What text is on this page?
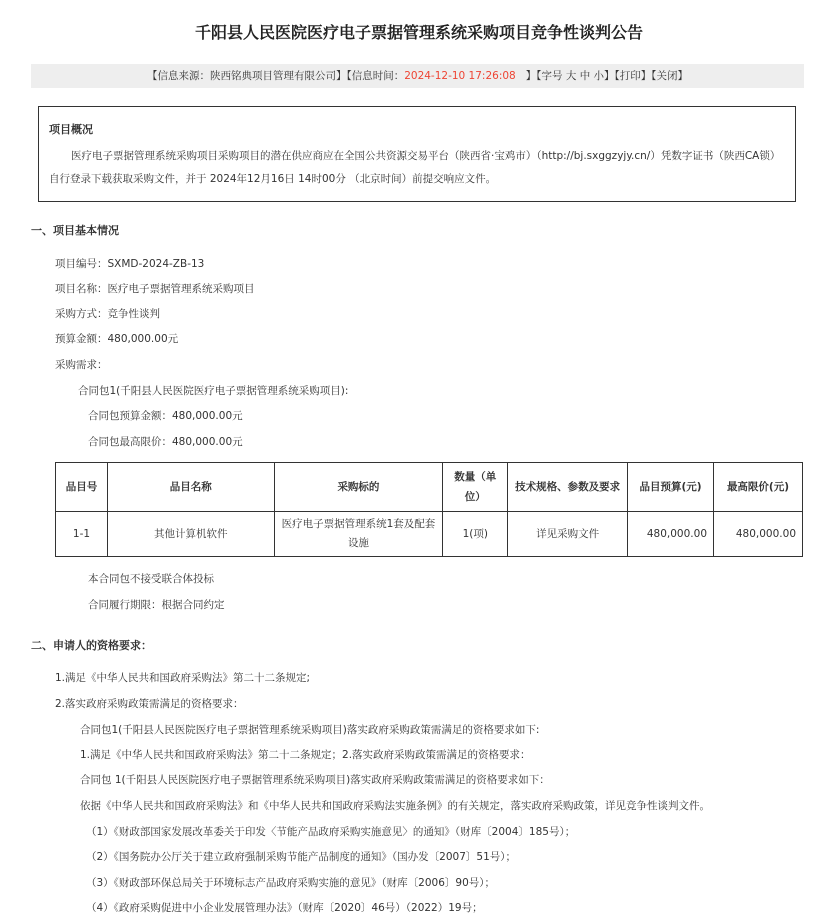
千阳县人民医院医疗电子票据管理系统采购项目竞争性谈判公告
【信息来源：陕西铭典项目管理有限公司】【信息时间：2024-12-10 17:26:08 】【字号 大 中 小】【打印】【关闭】
项目概况

医疗电子票据管理系统采购项目采购项目的潜在供应商应在全国公共资源交易平台（陕西省·宝鸡市）（http://bj.sxggzyjy.cn/）凭数字证书（陕西CA锁）自行登录下载获取采购文件，并于 2024年12月16日 14时00分 （北京时间）前提交响应文件。

一、项目基本情况
项目编号：SXMD-2024-ZB-13
项目名称：医疗电子票据管理系统采购项目
采购方式：竞争性谈判
预算金额：480,000.00元
采购需求：
合同包1(千阳县人民医院医疗电子票据管理系统采购项目):
合同包预算金额：480,000.00元
合同包最高限价：480,000.00元
品目号	品目名称	采购标的	数量（单位）	技术规格、参数及要求	品目预算(元)	最高限价(元)
1-1	其他计算机软件	医疗电子票据管理系统1套及配套设施	1(项)	详见采购文件	480,000.00	480,000.00
本合同包不接受联合体投标
合同履行期限：根据合同约定
二、申请人的资格要求：
1.满足《中华人民共和国政府采购法》第二十二条规定;
2.落实政府采购政策需满足的资格要求：
合同包1(千阳县人民医院医疗电子票据管理系统采购项目)落实政府采购政策需满足的资格要求如下:
1.满足《中华人民共和国政府采购法》第二十二条规定；2.落实政府采购政策需满足的资格要求：
合同包 1(千阳县人民医院医疗电子票据管理系统采购项目)落实政府采购政策需满足的资格要求如下：
依据《中华人民共和国政府采购法》和《中华人民共和国政府采购法实施条例》的有关规定，落实政府采购政策，详见竞争性谈判文件。
（1）《财政部国家发展改革委关于印发〈节能产品政府采购实施意见〉的通知》（财库〔2004〕185号）；
（2）《国务院办公厅关于建立政府强制采购节能产品制度的通知》（国办发〔2007〕51号）；
（3）《财政部环保总局关于环境标志产品政府采购实施的意见》（财库〔2006〕90号）；
（4）《政府采购促进中小企业发展管理办法》（财库〔2020〕46号）（2022）19号；
